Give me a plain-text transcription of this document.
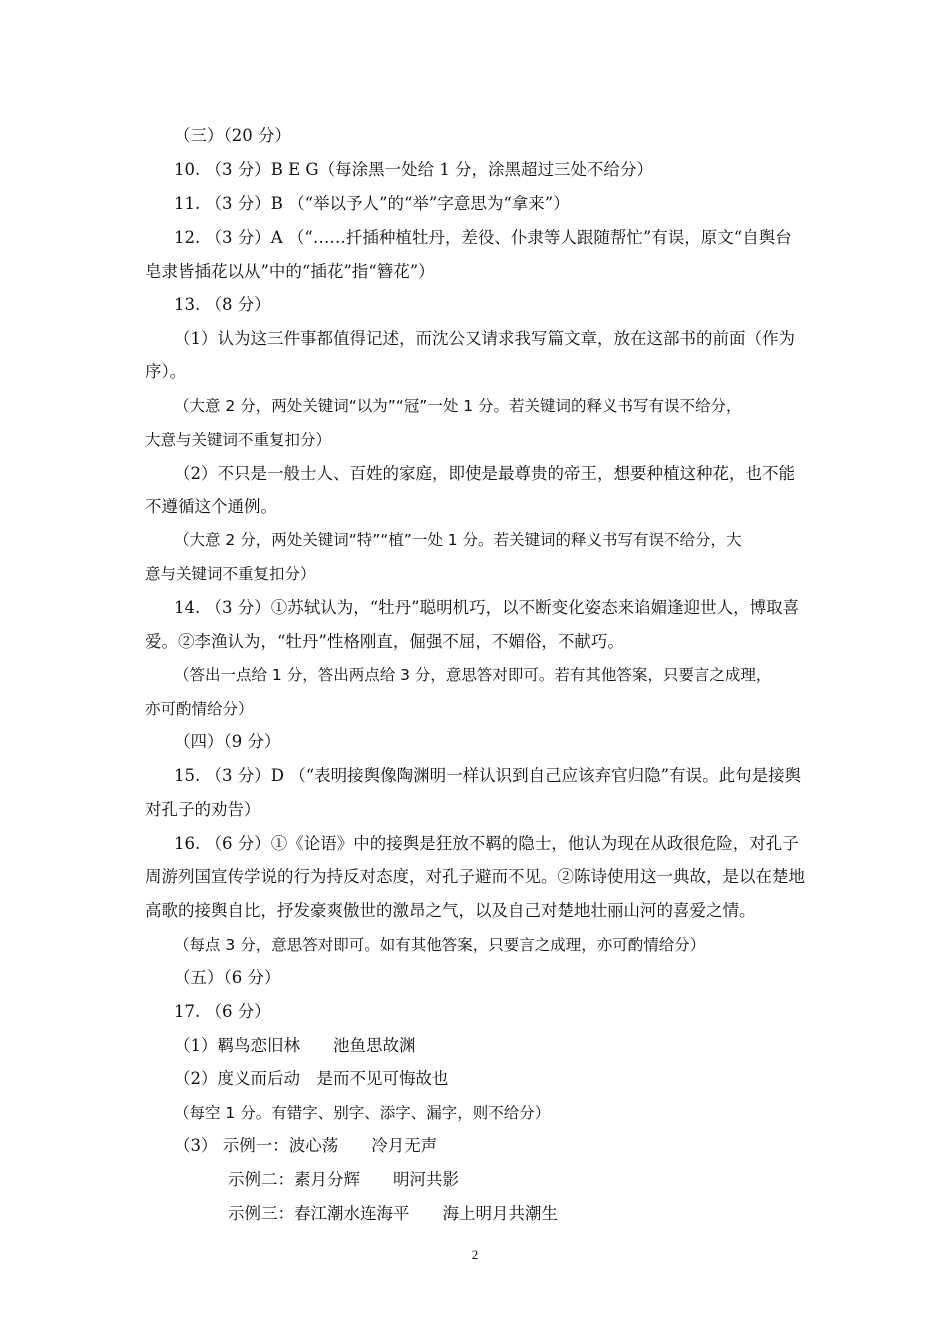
（三）（20 分）
10. （3 分）B E G（每涂黑一处给 1 分，涂黑超过三处不给分）
11. （3 分）B （“举以予人”的“举”字意思为“拿来”）
12. （3 分）A （“……扦插种植牡丹，差役、仆隶等人跟随帮忙”有误，原文“自舆台
皂隶皆插花以从”中的“插花”指“簪花”）
13. （8 分）
（1）认为这三件事都值得记述，而沈公又请求我写篇文章，放在这部书的前面（作为
序）。
（大意 2 分，两处关键词“以为”“冠”一处 1 分。若关键词的释义书写有误不给分，
大意与关键词不重复扣分）
（2）不只是一般士人、百姓的家庭，即使是最尊贵的帝王，想要种植这种花，也不能
不遵循这个通例。
（大意 2 分，两处关键词“特”“植”一处 1 分。若关键词的释义书写有误不给分，大
意与关键词不重复扣分）
14. （3 分）①苏轼认为，“牡丹”聪明机巧，以不断变化姿态来谄媚逢迎世人，博取喜
爱。②李渔认为，“牡丹”性格刚直，倔强不屈，不媚俗，不献巧。
（答出一点给 1 分，答出两点给 3 分，意思答对即可。若有其他答案，只要言之成理，
亦可酌情给分）
（四）（9 分）
15. （3 分）D （“表明接舆像陶渊明一样认识到自己应该弃官归隐”有误。此句是接舆
对孔子的劝告）
16. （6 分）①《论语》中的接舆是狂放不羁的隐士，他认为现在从政很危险，对孔子
周游列国宣传学说的行为持反对态度，对孔子避而不见。②陈诗使用这一典故，是以在楚地
高歌的接舆自比，抒发豪爽傲世的激昂之气，以及自己对楚地壮丽山河的喜爱之情。
（每点 3 分，意思答对即可。如有其他答案，只要言之成理，亦可酌情给分）
（五）（6 分）
17. （6 分）
（1）羁鸟恋旧林　　池鱼思故渊
（2）度义而后动　是而不见可悔故也
（每空 1 分。有错字、别字、添字、漏字，则不给分）
（3） 示例一：波心荡　　冷月无声
示例二：素月分辉　　明河共影
示例三：春江潮水连海平　　海上明月共潮生
2
